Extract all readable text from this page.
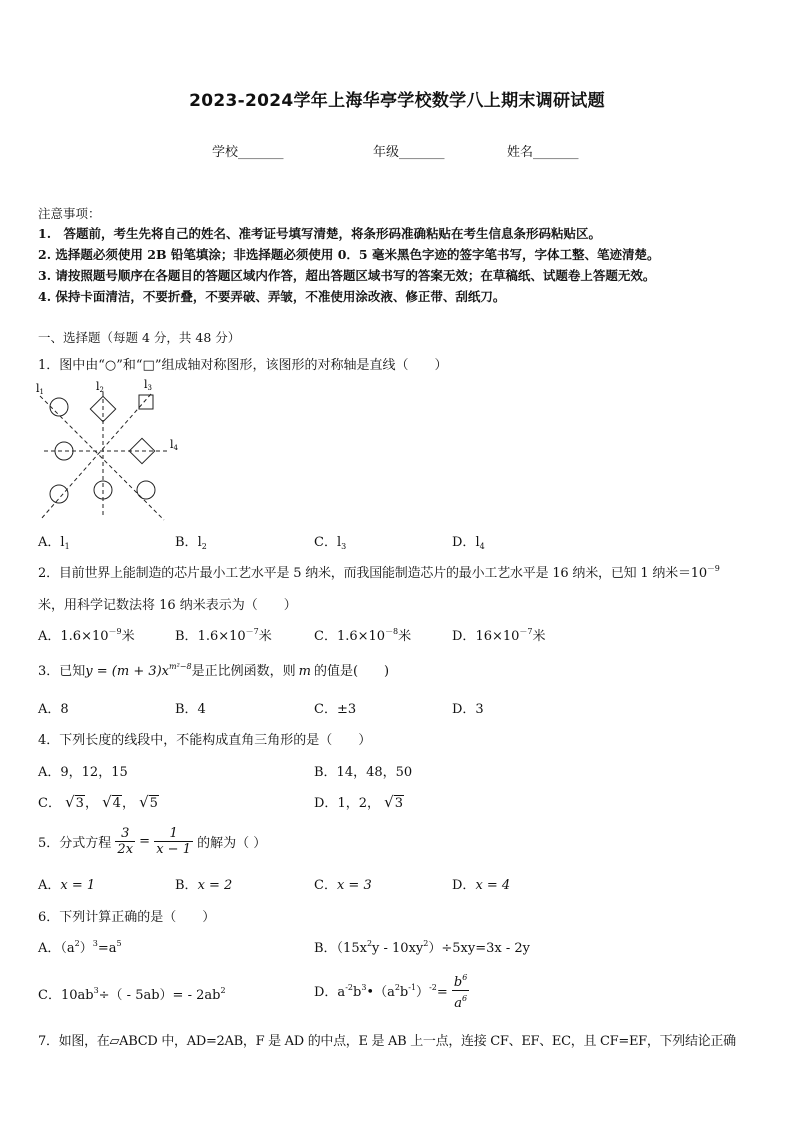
2023-2024学年上海华亭学校数学八上期末调研试题
学校_______	年级_______	姓名_______
注意事项：
1.　答题前，考生先将自己的姓名、准考证号填写清楚，将条形码准确粘贴在考生信息条形码粘贴区。
2. 选择题必须使用 2B 铅笔填涂；非选择题必须使用 0．5 毫米黑色字迹的签字笔书写，字体工整、笔迹清楚。
3. 请按照题号顺序在各题目的答题区域内作答，超出答题区域书写的答案无效；在草稿纸、试题卷上答题无效。
4. 保持卡面清洁，不要折叠，不要弄破、弄皱，不准使用涂改液、修正带、刮纸刀。
一、选择题（每题 4 分，共 48 分）
1．图中由“○”和“□”组成轴对称图形，该图形的对称轴是直线（　　）
l1	l2	l3
l4
A．$l_1$	B．$l_2$	C．$l_3$	D．$l_4$
2．目前世界上能制造的芯片最小工艺水平是 5 纳米，而我国能制造芯片的最小工艺水平是 16 纳米，已知 1 纳米$=10^{-9}$
米，用科学记数法将 16 纳米表示为（　　）
A．$1.6\times 10^{-9}$米	B．$1.6\times 10^{-7}$米	C．$1.6\times 10^{-8}$米	D．$16\times 10^{-7}$米
3．已知$y = (m + 3)x^{m^2-8}$是正比例函数，则 m 的值是(　　)
A．8	B．4	C．±3	D．3
4．下列长度的线段中，不能构成直角三角形的是（　　）
A．9，12，15	B．14，48，50
C． √3， √4， √5	D．1，2， √3
5．分式方程 $\frac{3}{2x} = \frac{1}{x - 1}$ 的解为（ ）
A．x = 1	B．x = 2	C．x = 3	D．x = 4
6．下列计算正确的是（　　）
A．$(a^2)^3=a^5$	B．$(15x^2y - 10xy^2)\div 5xy=3x - 2y$
C．$10ab^3\div( - 5ab)= - 2ab^2$	D．$a^{-2}b^3•(a^2b^{-1})^{-2}= \frac{b^6}{a^6}$
7．如图，在▱ABCD 中，AD=2AB，F 是 AD 的中点，E 是 AB 上一点，连接 CF、EF、EC，且 CF=EF，下列结论正确
